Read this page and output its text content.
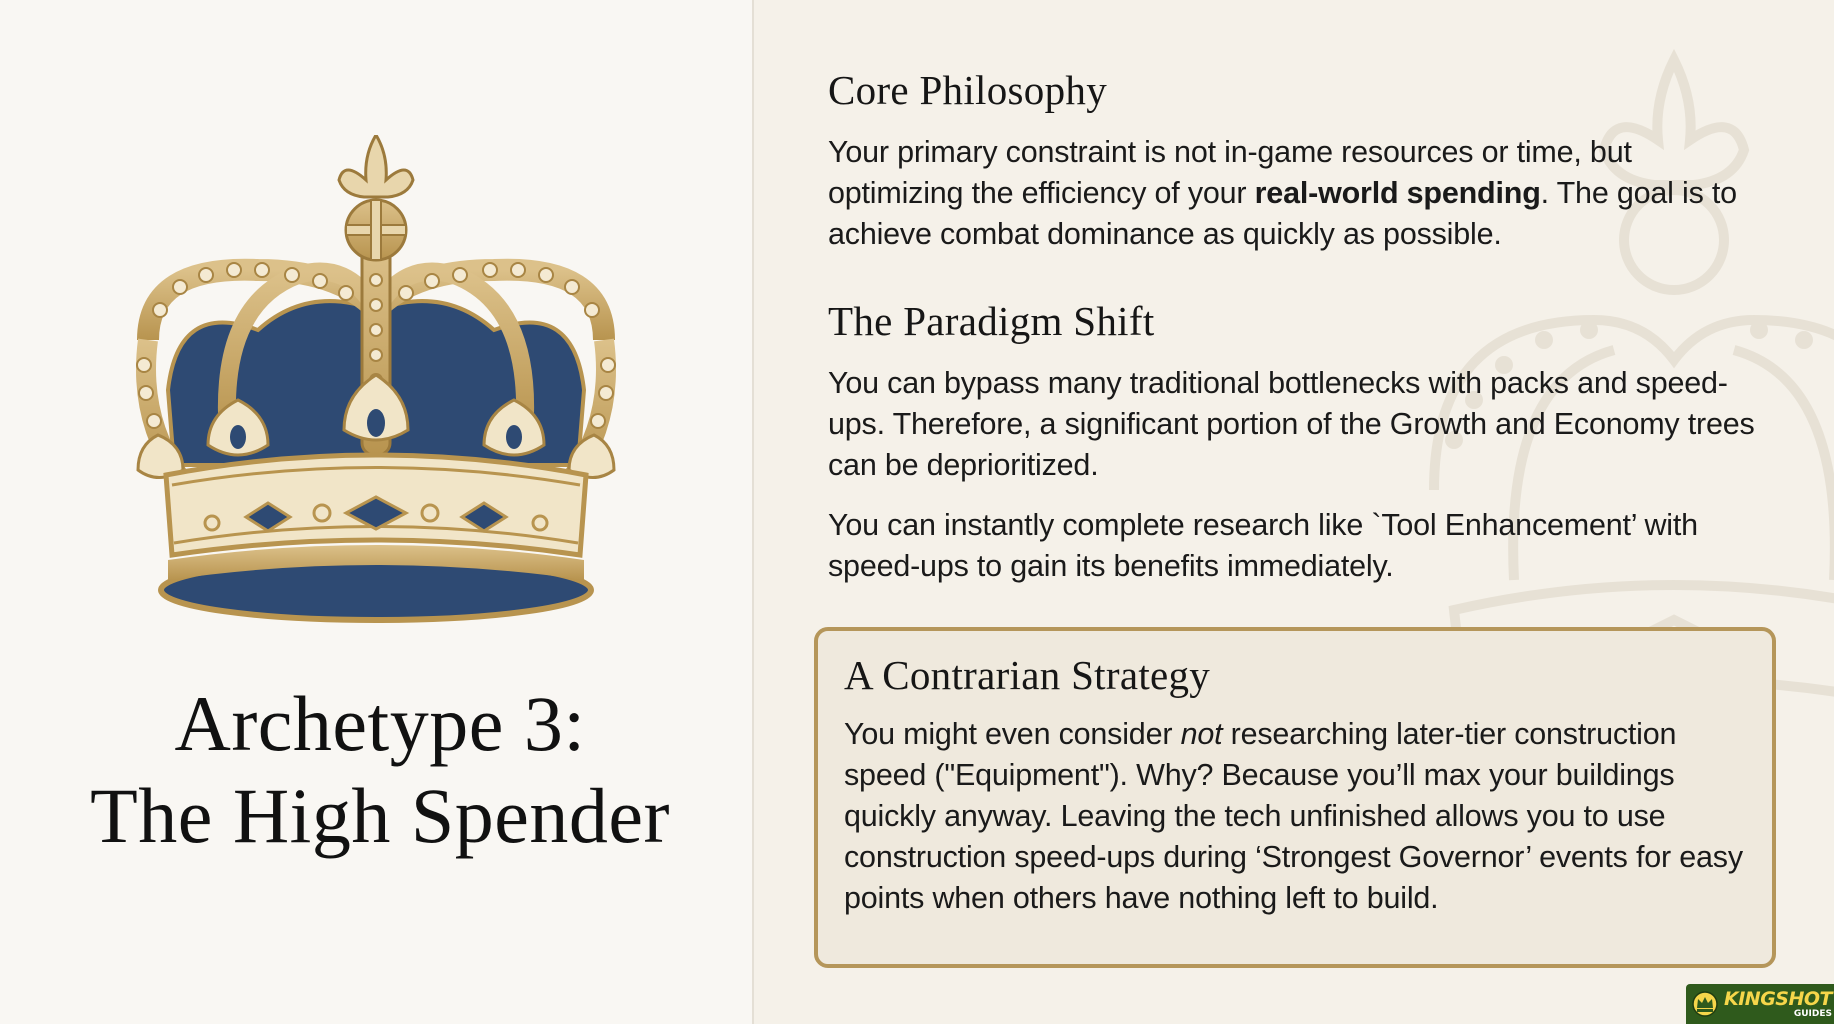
Archetype 3:
The High Spender
Core Philosophy

Your primary constraint is not in-game resources or time, but optimizing the efficiency of your real-world spending. The goal is to achieve combat dominance as quickly as possible.

The Paradigm Shift

You can bypass many traditional bottlenecks with packs and speed-ups. Therefore, a significant portion of the Growth and Economy trees can be deprioritized.

You can instantly complete research like `Tool Enhancement’ with speed-ups to gain its benefits immediately.

A Contrarian Strategy

You might even consider not researching later-tier construction speed ("Equipment"). Why? Because you’ll max your buildings quickly anyway. Leaving the tech unfinished allows you to use construction speed-ups during ‘Strongest Governor’ events for easy points when others have nothing left to build.

KINGSHOT
GUIDES
